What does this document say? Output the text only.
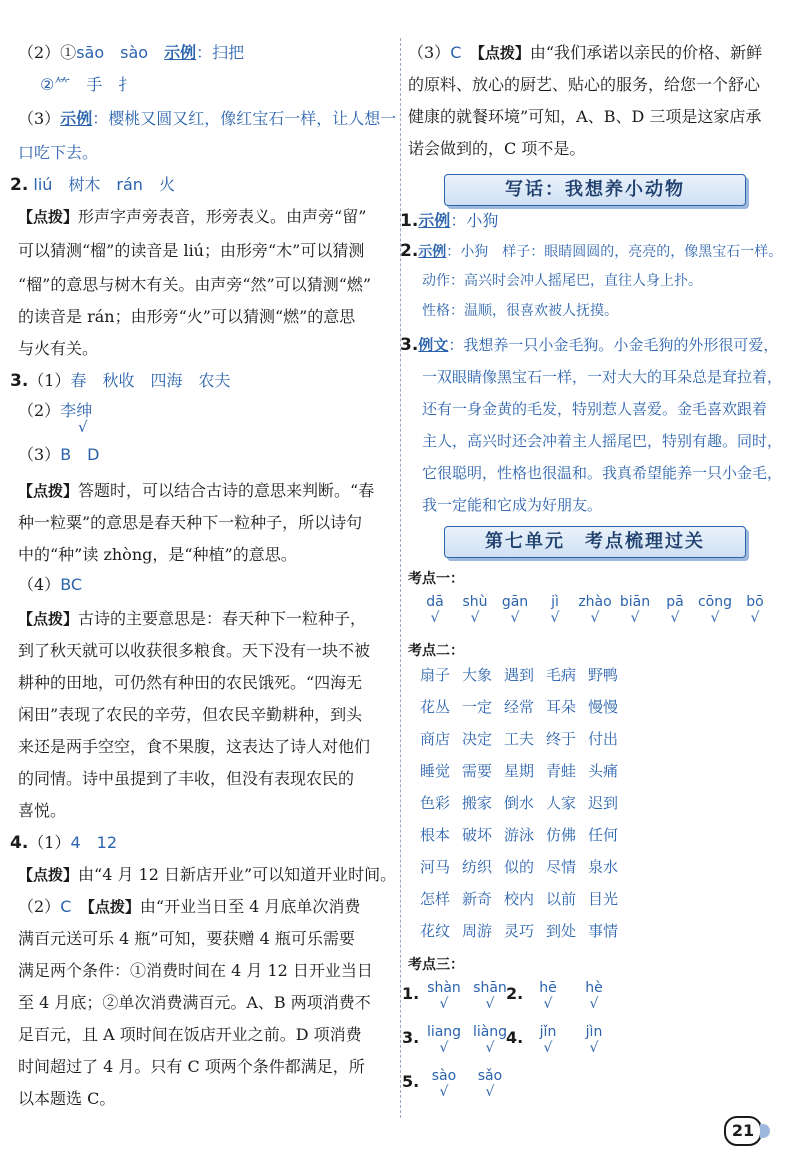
（2）①sāo　sào　 示例：扫把
②⺮　手　扌
（3）示例：樱桃又圆又红，像红宝石一样，让人想一
口吃下去。
2. liú　树木　rán　火
【点拨】形声字声旁表音，形旁表义。由声旁“留”
可以猜测“榴”的读音是 liú；由形旁“木”可以猜测
“榴”的意思与树木有关。由声旁“然”可以猜测“燃”
的读音是 rán；由形旁“火”可以猜测“燃”的意思
与火有关。
3.（1）春　秋收　四海　农夫
（2）李绅
√
（3）B　D
【点拨】答题时，可以结合古诗的意思来判断。“春
种一粒粟”的意思是春天种下一粒种子，所以诗句
中的“种”读 zhòng，是“种植”的意思。
（4）BC
【点拨】古诗的主要意思是：春天种下一粒种子，
到了秋天就可以收获很多粮食。天下没有一块不被
耕种的田地，可仍然有种田的农民饿死。“四海无
闲田”表现了农民的辛劳，但农民辛勤耕种，到头
来还是两手空空，食不果腹，这表达了诗人对他们
的同情。诗中虽提到了丰收，但没有表现农民的
喜悦。
4.（1）4　12
【点拨】由“4 月 12 日新店开业”可以知道开业时间。
（2）C　 【点拨】由“开业当日至 4 月底单次消费
满百元送可乐 4 瓶”可知，要获赠 4 瓶可乐需要
满足两个条件：①消费时间在 4 月 12 日开业当日
至 4 月底；②单次消费满百元。A、B 两项消费不
足百元，且 A 项时间在饭店开业之前。D 项消费
时间超过了 4 月。只有 C 项两个条件都满足，所
以本题选 C。
（3）C　 【点拨】由“我们承诺以亲民的价格、新鲜
的原料、放心的厨艺、贴心的服务，给您一个舒心
健康的就餐环境”可知，A、B、D 三项是这家店承
诺会做到的，C 项不是。
写话：我想养小动物
1.示例：小狗
2.示例：小狗　样子：眼睛圆圆的，亮亮的，像黑宝石一样。
动作：高兴时会冲人摇尾巴，直往人身上扑。
性格：温顺，很喜欢被人抚摸。
3.例文：我想养一只小金毛狗。小金毛狗的外形很可爱，
一双眼睛像黑宝石一样，一对大大的耳朵总是耷拉着，
还有一身金黄的毛发，特别惹人喜爱。金毛喜欢跟着
主人，高兴时还会冲着主人摇尾巴，特别有趣。同时，
它很聪明，性格也很温和。我真希望能养一只小金毛，
我一定能和它成为好朋友。
第七单元　考点梳理过关
考点一：
dā
√
shù
√
gān
√
jì
√
zhào
√
biān
√
pā
√
cōng
√
bō
√
考点二：
扇子 大象 遇到 毛病 野鸭
花丛 一定 经常 耳朵 慢慢
商店 决定 工夫 终于 付出
睡觉 需要 星期 青蛙 头痛
色彩 搬家 倒水 人家 迟到
根本 破坏 游泳 仿佛 任何
河马 纺织 似的 尽情 泉水
怎样 新奇 校内 以前 目光
花纹 周游 灵巧 到处 事情
考点三：
1. shàn
√
shān
√
2.	hē
√
hè
√
3. liang
√
liàng
√
4.	jǐn
√
jìn
√
5. sào
√
sǎo
√
21
